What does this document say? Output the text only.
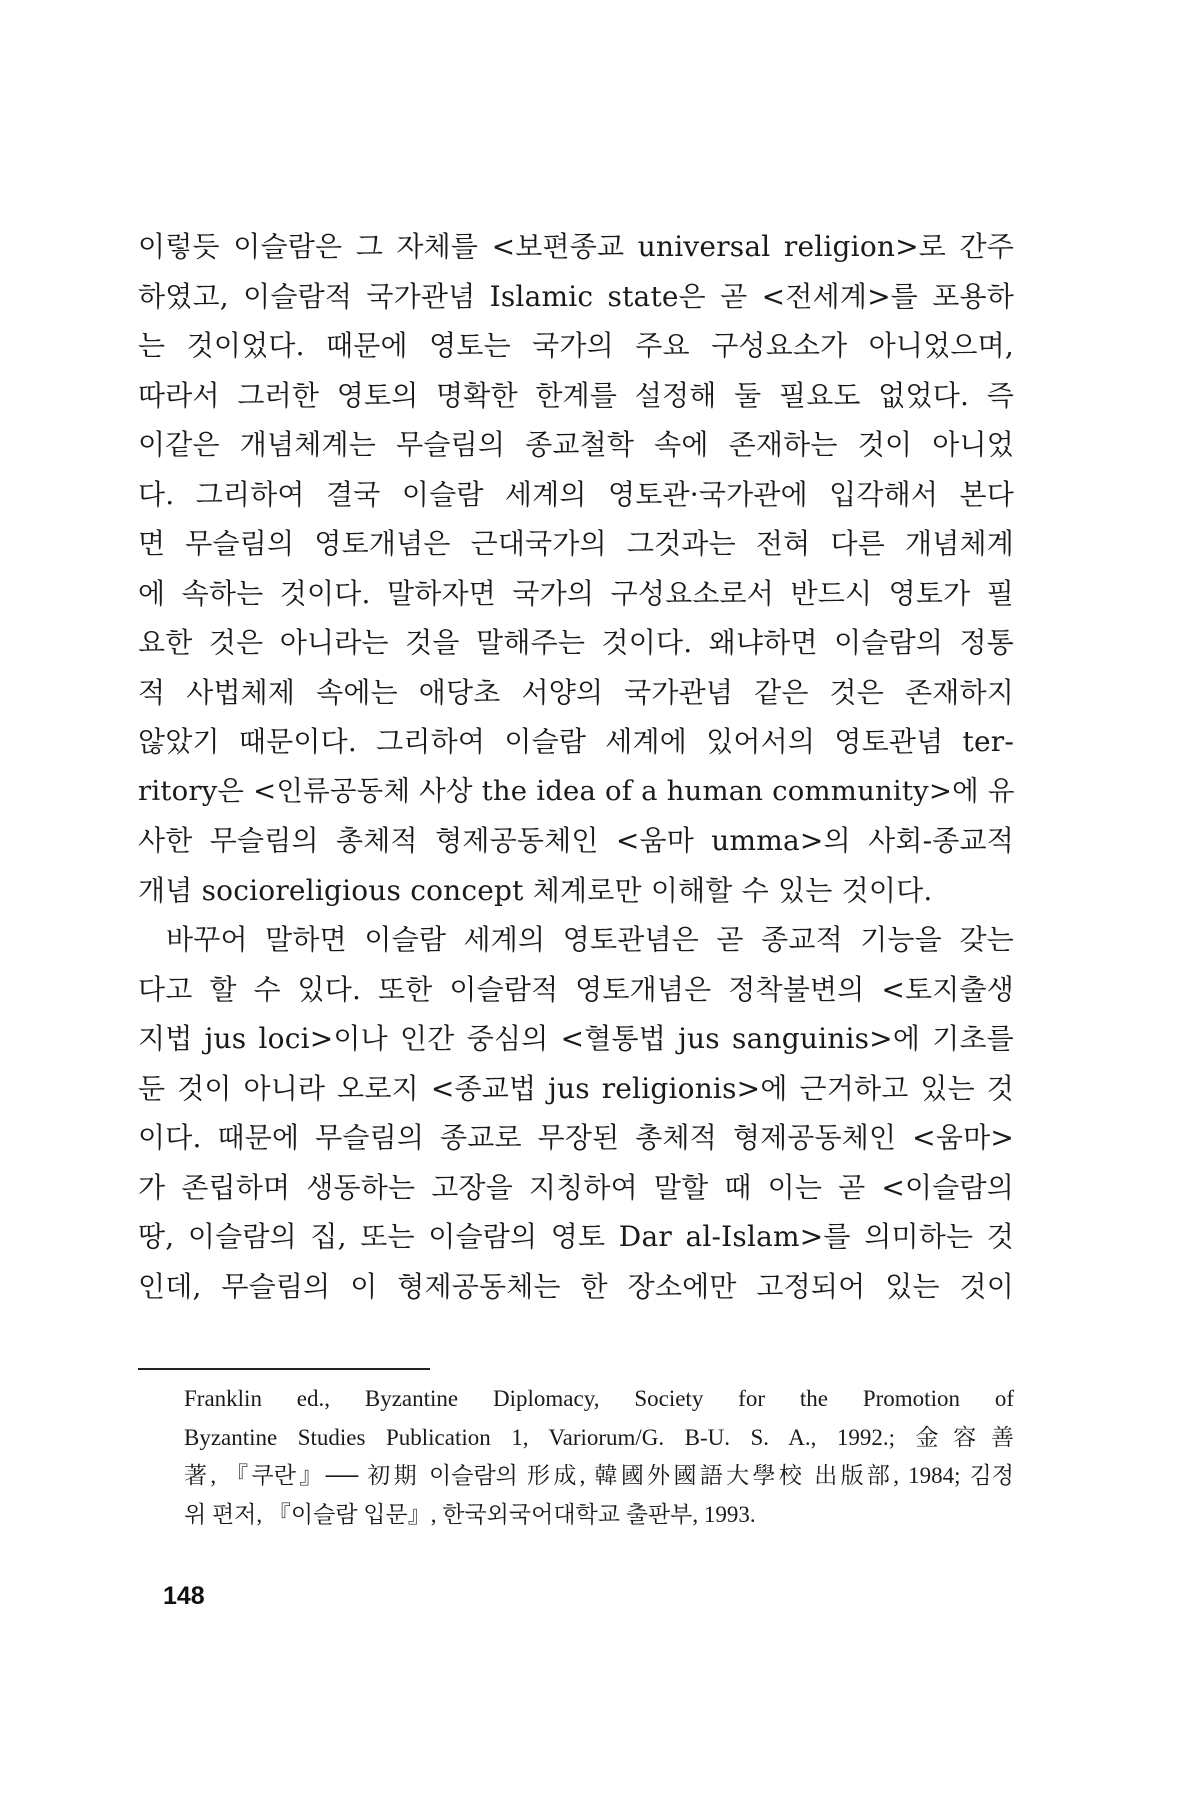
이렇듯 이슬람은 그 자체를 <보편종교 universal religion>로 간주
하였고, 이슬람적 국가관념 Islamic state은 곧 <전세계>를 포용하
는 것이었다. 때문에 영토는 국가의 주요 구성요소가 아니었으며,
따라서 그러한 영토의 명확한 한계를 설정해 둘 필요도 없었다. 즉
이같은 개념체계는 무슬림의 종교철학 속에 존재하는 것이 아니었
다. 그리하여 결국 이슬람 세계의 영토관·국가관에 입각해서 본다
면 무슬림의 영토개념은 근대국가의 그것과는 전혀 다른 개념체계
에 속하는 것이다. 말하자면 국가의 구성요소로서 반드시 영토가 필
요한 것은 아니라는 것을 말해주는 것이다. 왜냐하면 이슬람의 정통
적 사법체제 속에는 애당초 서양의 국가관념 같은 것은 존재하지
않았기 때문이다. 그리하여 이슬람 세계에 있어서의 영토관념 ter-
ritory은 <인류공동체 사상 the idea of a human community>에 유
사한 무슬림의 총체적 형제공동체인 <움마 umma>의 사회-종교적
개념 socioreligious concept 체계로만 이해할 수 있는 것이다.
바꾸어 말하면 이슬람 세계의 영토관념은 곧 종교적 기능을 갖는
다고 할 수 있다. 또한 이슬람적 영토개념은 정착불변의 <토지출생
지법 jus loci>이나 인간 중심의 <혈통법 jus sanguinis>에 기초를
둔 것이 아니라 오로지 <종교법 jus religionis>에 근거하고 있는 것
이다. 때문에 무슬림의 종교로 무장된 총체적 형제공동체인 <움마>
가 존립하며 생동하는 고장을 지칭하여 말할 때 이는 곧 <이슬람의
땅, 이슬람의 집, 또는 이슬람의 영토 Dar al-Islam>를 의미하는 것
인데, 무슬림의 이 형제공동체는 한 장소에만 고정되어 있는 것이
Franklin ed., Byzantine Diplomacy, Society for the Promotion of
Byzantine Studies Publication 1, Variorum/G. B-U. S. A., 1992.; 金容善
著, 『쿠란』── 初期 이슬람의 形成, 韓國外國語大學校 出版部, 1984; 김정
위 편저, 『이슬람 입문』, 한국외국어대학교 출판부, 1993.
148
